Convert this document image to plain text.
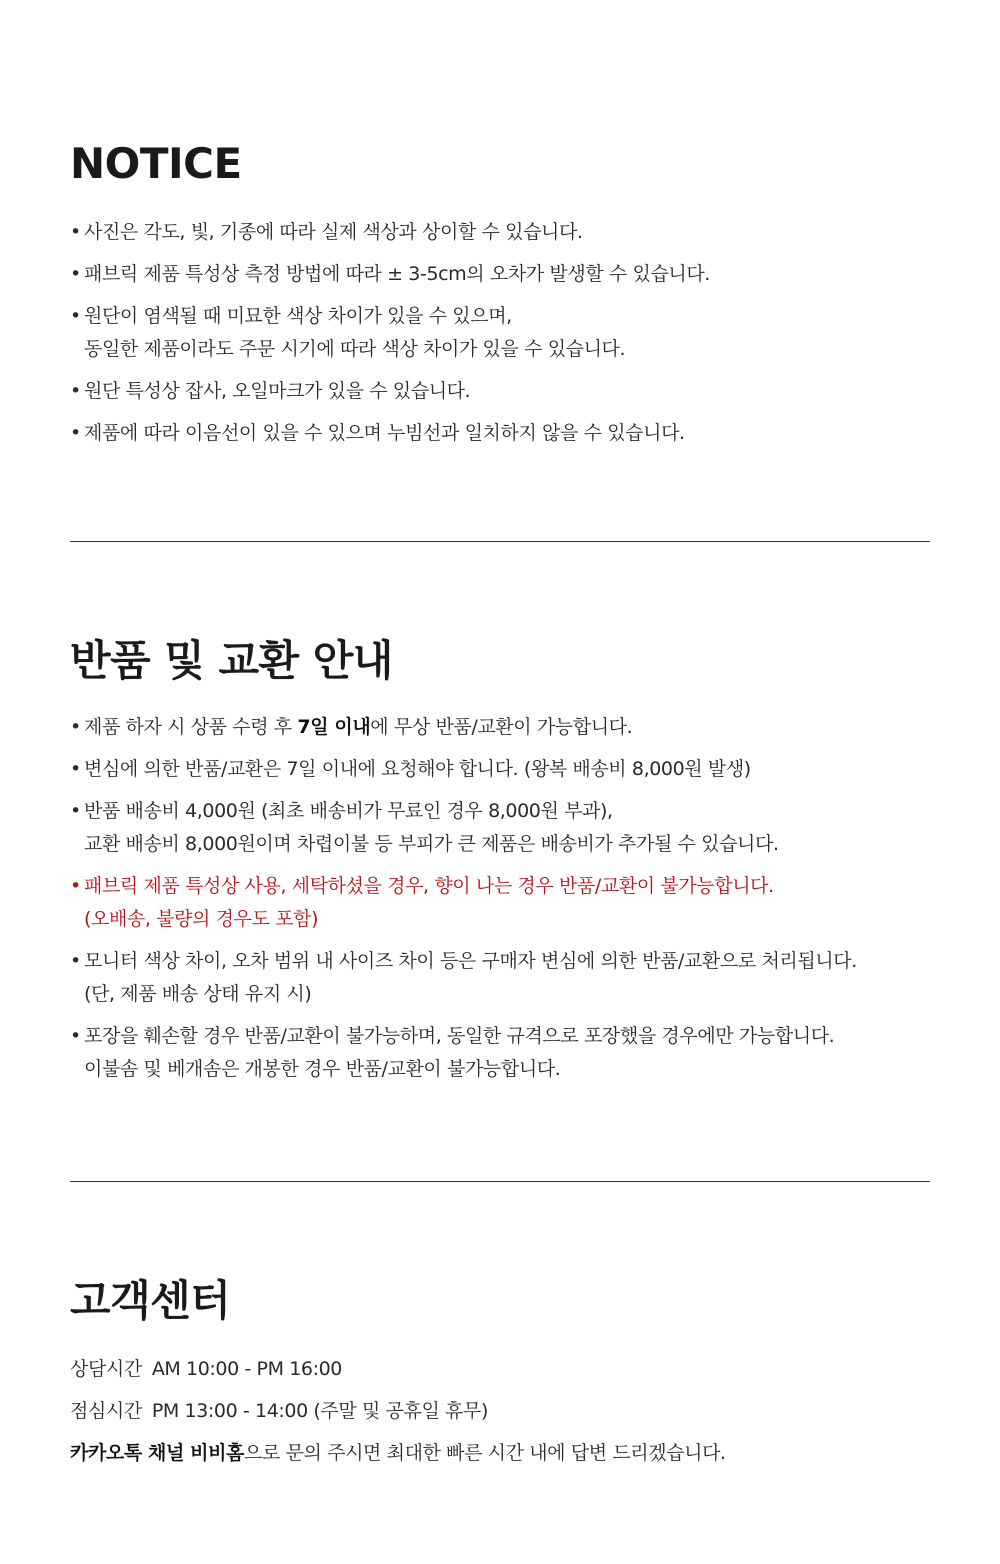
NOTICE
• 사진은 각도, 빛, 기종에 따라 실제 색상과 상이할 수 있습니다.
• 패브릭 제품 특성상 측정 방법에 따라 ± 3-5cm의 오차가 발생할 수 있습니다.
• 원단이 염색될 때 미묘한 색상 차이가 있을 수 있으며,
동일한 제품이라도 주문 시기에 따라 색상 차이가 있을 수 있습니다.
• 원단 특성상 잡사, 오일마크가 있을 수 있습니다.
• 제품에 따라 이음선이 있을 수 있으며 누빔선과 일치하지 않을 수 있습니다.
반품 및 교환 안내
• 제품 하자 시 상품 수령 후 7일 이내에 무상 반품/교환이 가능합니다.
• 변심에 의한 반품/교환은 7일 이내에 요청해야 합니다. (왕복 배송비 8,000원 발생)
• 반품 배송비 4,000원 (최초 배송비가 무료인 경우 8,000원 부과),
교환 배송비 8,000원이며 차렵이불 등 부피가 큰 제품은 배송비가 추가될 수 있습니다.
• 패브릭 제품 특성상 사용, 세탁하셨을 경우, 향이 나는 경우 반품/교환이 불가능합니다.
(오배송, 불량의 경우도 포함)
• 모니터 색상 차이, 오차 범위 내 사이즈 차이 등은 구매자 변심에 의한 반품/교환으로 처리됩니다.
(단, 제품 배송 상태 유지 시)
• 포장을 훼손할 경우 반품/교환이 불가능하며, 동일한 규격으로 포장했을 경우에만 가능합니다.
이불솜 및 베개솜은 개봉한 경우 반품/교환이 불가능합니다.
고객센터
상담시간 AM 10:00 - PM 16:00
점심시간 PM 13:00 - 14:00 (주말 및 공휴일 휴무)
카카오톡 채널 비비홈으로 문의 주시면 최대한 빠른 시간 내에 답변 드리겠습니다.
